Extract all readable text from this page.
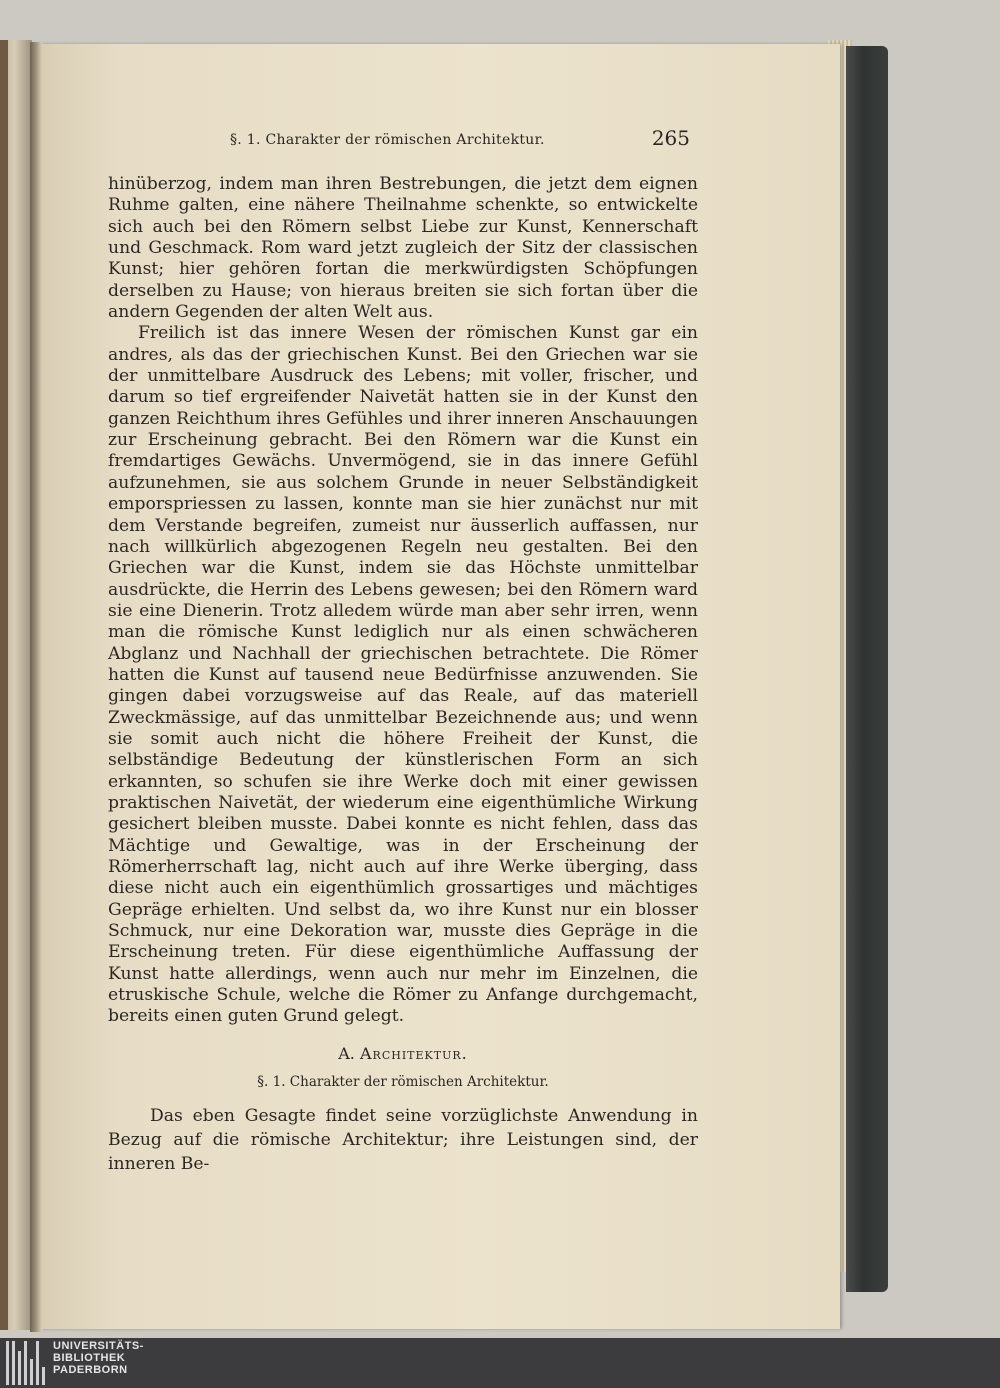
§. 1. Charakter der römischen Architektur.	265

hinüberzog, indem man ihren Bestrebungen, die jetzt dem eignen Ruhme galten, eine nähere Theilnahme schenkte, so entwickelte sich auch bei den Römern selbst Liebe zur Kunst, Kennerschaft und Geschmack. Rom ward jetzt zugleich der Sitz der classischen Kunst; hier gehören fortan die merkwürdigsten Schöpfungen derselben zu Hause; von hieraus breiten sie sich fortan über die andern Gegenden der alten Welt aus.

Freilich ist das innere Wesen der römischen Kunst gar ein andres, als das der griechischen Kunst. Bei den Griechen war sie der unmittelbare Ausdruck des Lebens; mit voller, frischer, und darum so tief ergreifender Naivetät hatten sie in der Kunst den ganzen Reichthum ihres Gefühles und ihrer inneren Anschauungen zur Erscheinung gebracht. Bei den Römern war die Kunst ein fremdartiges Gewächs. Unvermögend, sie in das innere Gefühl aufzunehmen, sie aus solchem Grunde in neuer Selbständigkeit emporspriessen zu lassen, konnte man sie hier zunächst nur mit dem Verstande begreifen, zumeist nur äusserlich auffassen, nur nach willkürlich abgezogenen Regeln neu gestalten. Bei den Griechen war die Kunst, indem sie das Höchste unmittelbar ausdrückte, die Herrin des Lebens gewesen; bei den Römern ward sie eine Dienerin. Trotz alledem würde man aber sehr irren, wenn man die römische Kunst lediglich nur als einen schwächeren Abglanz und Nachhall der griechischen betrachtete. Die Römer hatten die Kunst auf tausend neue Bedürfnisse anzuwenden. Sie gingen dabei vorzugsweise auf das Reale, auf das materiell Zweckmässige, auf das unmittelbar Bezeichnende aus; und wenn sie somit auch nicht die höhere Freiheit der Kunst, die selbständige Bedeutung der künstlerischen Form an sich erkannten, so schufen sie ihre Werke doch mit einer gewissen praktischen Naivetät, der wiederum eine eigenthümliche Wirkung gesichert bleiben musste. Dabei konnte es nicht fehlen, dass das Mächtige und Gewaltige, was in der Erscheinung der Römerherrschaft lag, nicht auch auf ihre Werke überging, dass diese nicht auch ein eigenthümlich grossartiges und mächtiges Gepräge erhielten. Und selbst da, wo ihre Kunst nur ein blosser Schmuck, nur eine Dekoration war, musste dies Gepräge in die Erscheinung treten. Für diese eigenthümliche Auffassung der Kunst hatte allerdings, wenn auch nur mehr im Einzelnen, die etruskische Schule, welche die Römer zu Anfange durchgemacht, bereits einen guten Grund gelegt.

A. Architektur.
§. 1. Charakter der römischen Architektur.

Das eben Gesagte findet seine vorzüglichste Anwendung in Bezug auf die römische Architektur; ihre Leistungen sind, der inneren Be-

UNIVERSITÄTS-
BIBLIOTHEK
PADERBORN
